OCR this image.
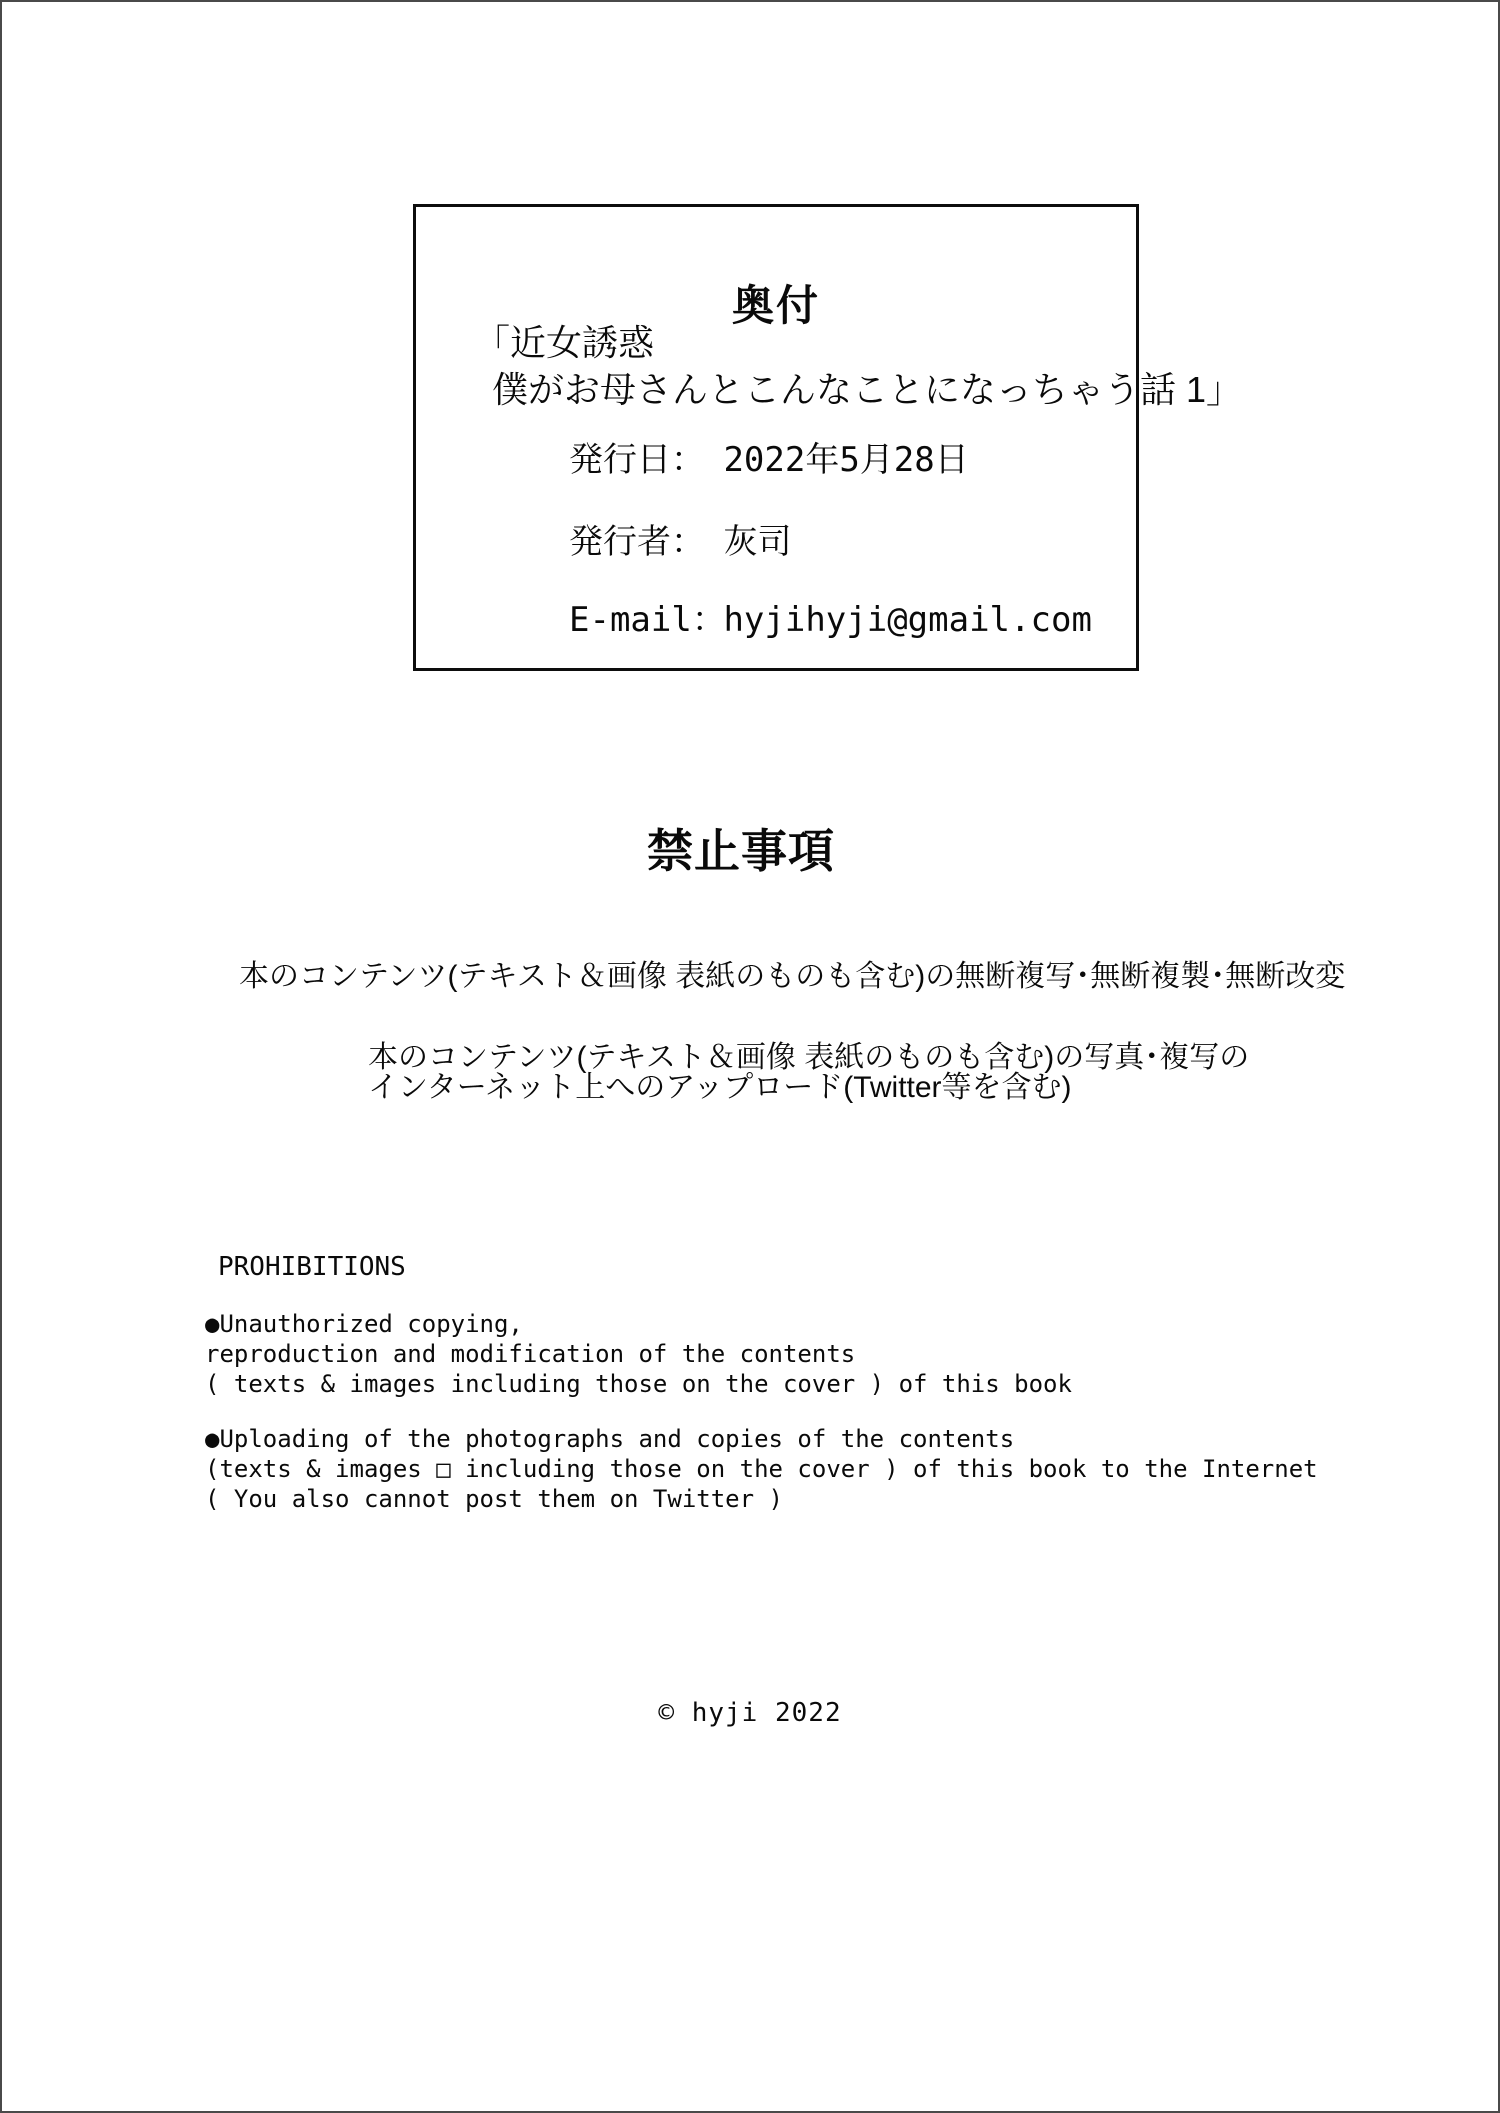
奥付
「近女誘惑
僕がお母さんとこんなことになっちゃう話 1」
発行日： 2022年5月28日
発行者： 灰司
E-mail： hyjihyji@gmail.com
禁止事項
本のコンテンツ(テキスト＆画像 表紙のものも含む)の無断複写･無断複製･無断改変
本のコンテンツ(テキスト＆画像 表紙のものも含む)の写真･複写の
インターネット上へのアップロード(Twitter等を含む)
PROHIBITIONS
●Unauthorized copying,
reproduction and modification of the contents
( texts & images including those on the cover ) of this book
●Uploading of the photographs and copies of the contents
(texts & images □ including those on the cover ) of this book to the Internet
( You also cannot post them on Twitter )
© hyji 2022
